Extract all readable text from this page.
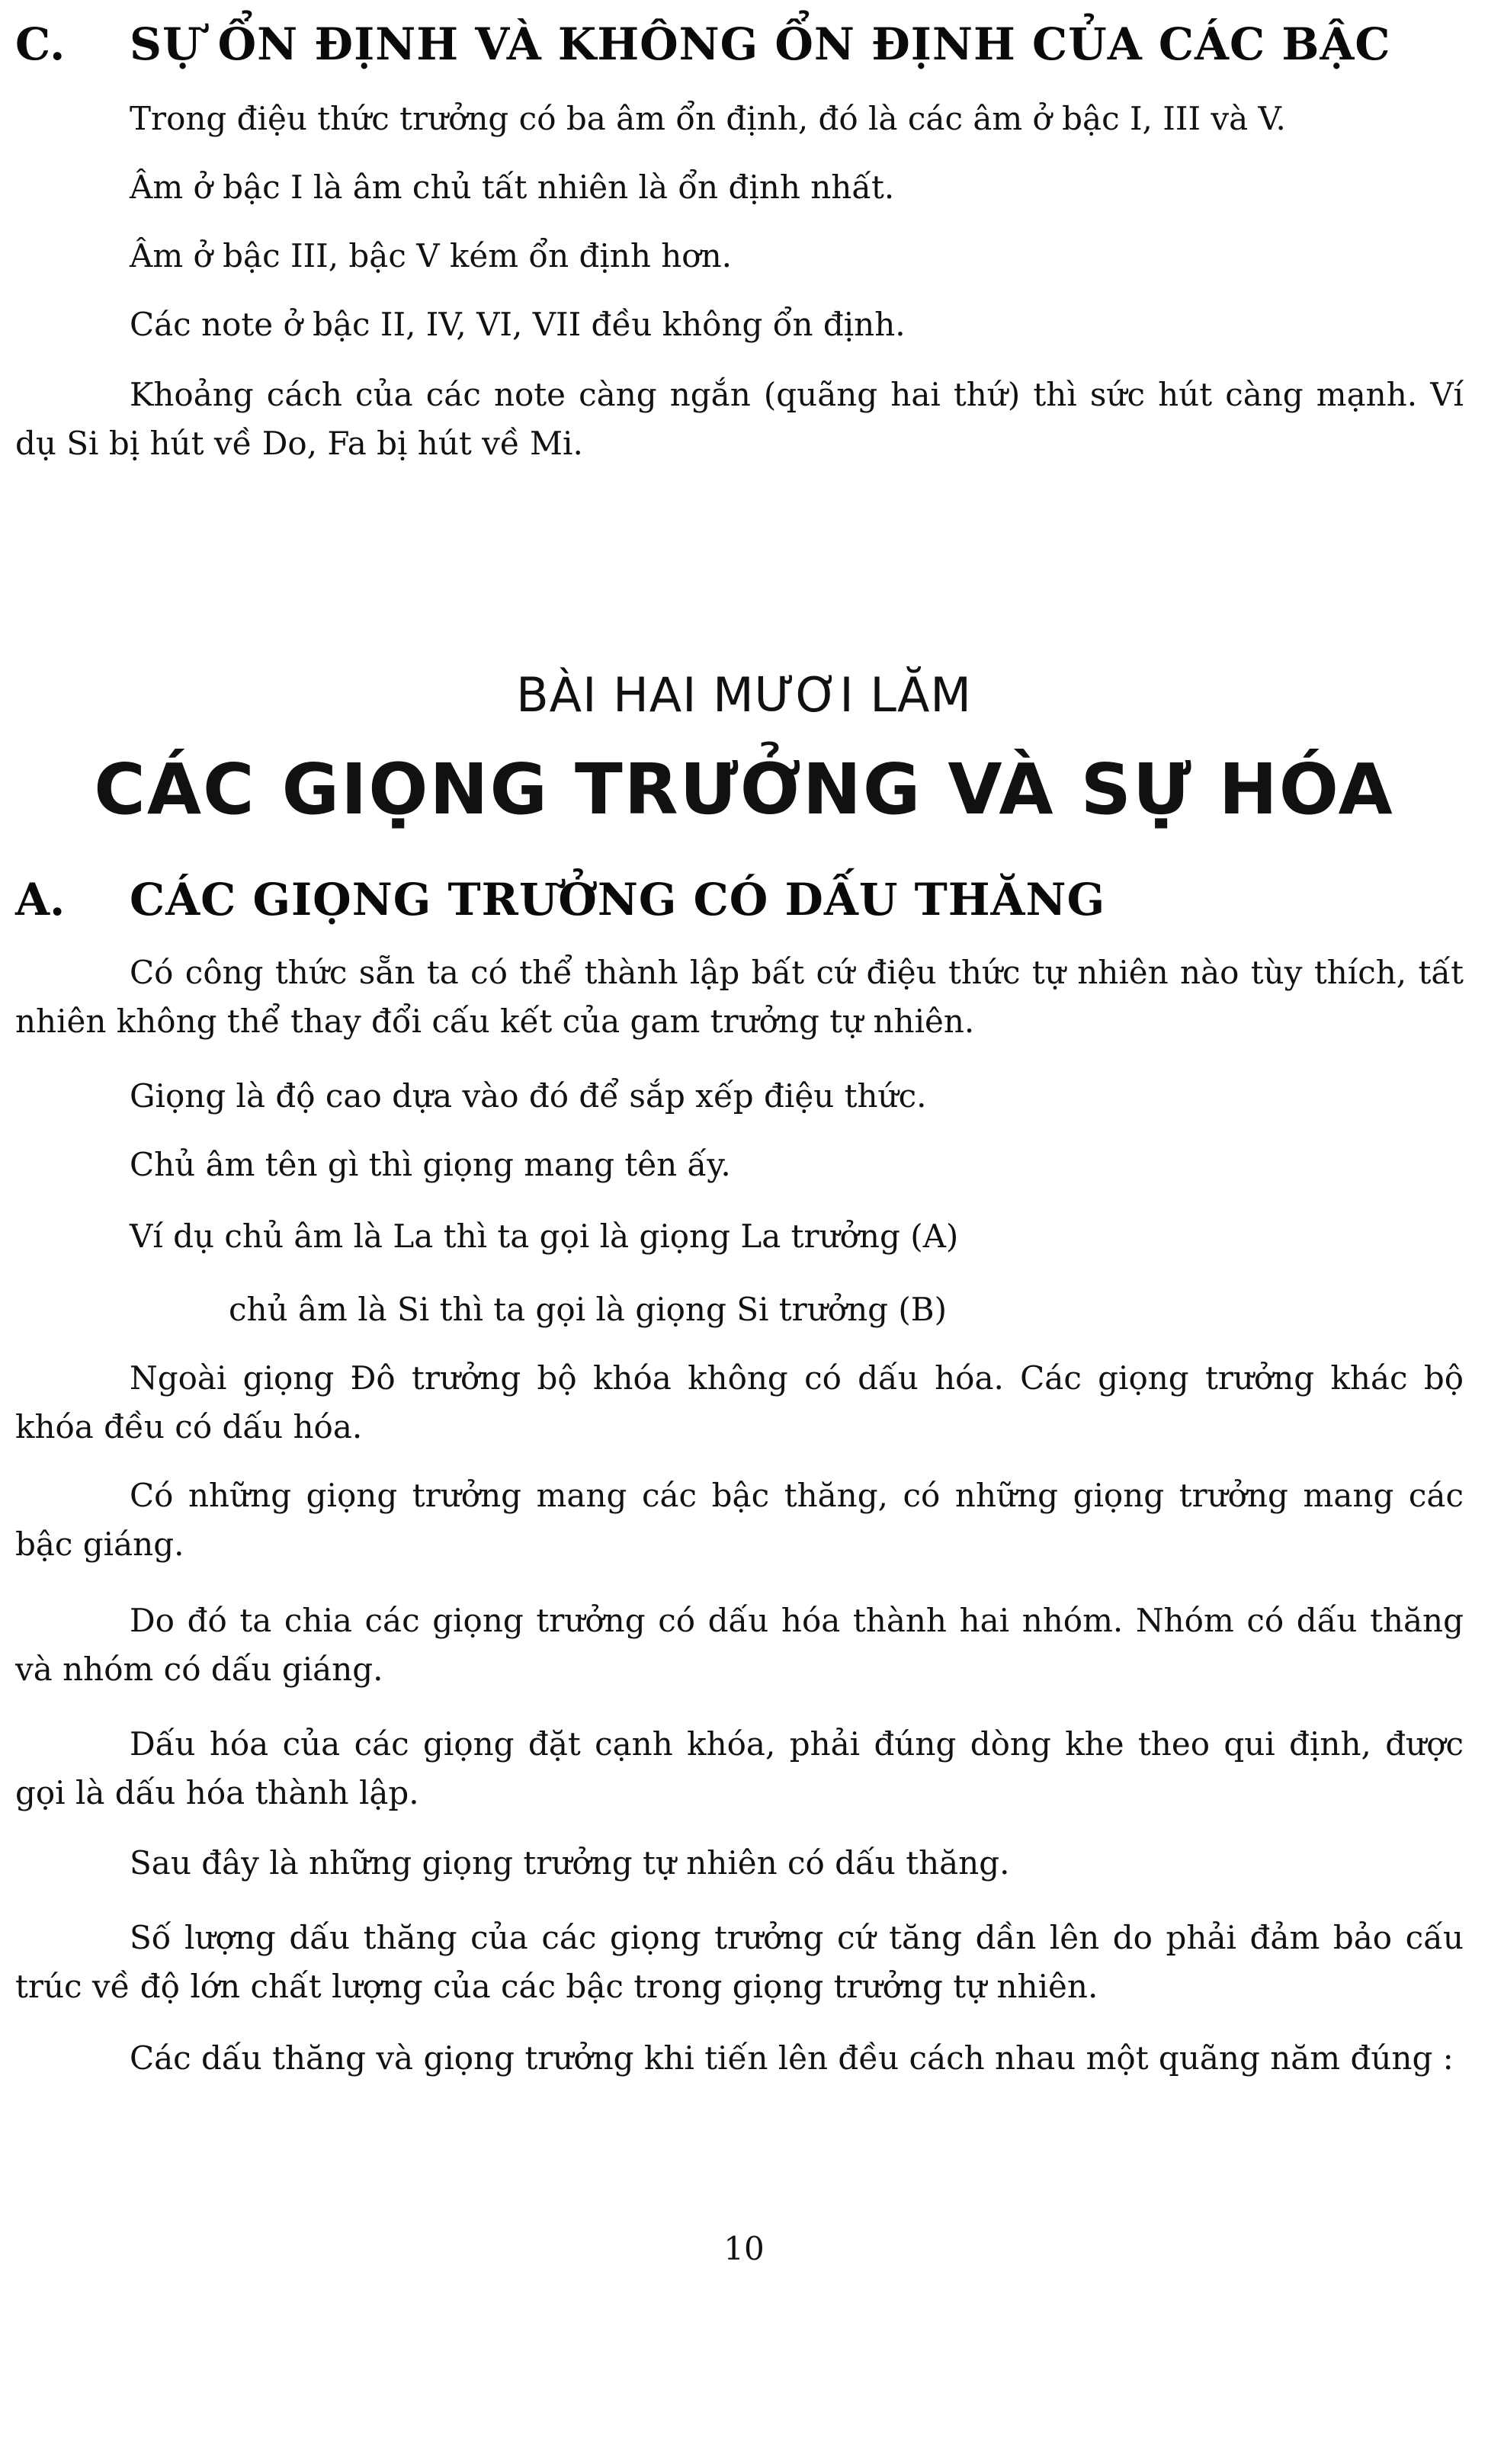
C. SỰ ỔN ĐỊNH VÀ KHÔNG ỔN ĐỊNH CỦA CÁC BẬC
Trong điệu thức trưởng có ba âm ổn định, đó là các âm ở bậc I, III và V.
Âm ở bậc I là âm chủ tất nhiên là ổn định nhất.
Âm ở bậc III, bậc V kém ổn định hơn.
Các note ở bậc II, IV, VI, VII đều không ổn định.

Khoảng cách của các note càng ngắn (quãng hai thứ) thì sức hút càng mạnh. Ví dụ Si bị hút về Do, Fa bị hút về Mi.

BÀI HAI MƯƠI LĂM
CÁC GIỌNG TRƯỞNG VÀ SỰ HÓA
A. CÁC GIỌNG TRƯỞNG CÓ DẤU THĂNG

Có công thức sẵn ta có thể thành lập bất cứ điệu thức tự nhiên nào tùy thích, tất nhiên không thể thay đổi cấu kết của gam trưởng tự nhiên.

Giọng là độ cao dựa vào đó để sắp xếp điệu thức.
Chủ âm tên gì thì giọng mang tên ấy.
Ví dụ chủ âm là La thì ta gọi là giọng La trưởng (A)
chủ âm là Si thì ta gọi là giọng Si trưởng (B)

Ngoài giọng Đô trưởng bộ khóa không có dấu hóa. Các giọng trưởng khác bộ khóa đều có dấu hóa.

Có những giọng trưởng mang các bậc thăng, có những giọng trưởng mang các bậc giáng.

Do đó ta chia các giọng trưởng có dấu hóa thành hai nhóm. Nhóm có dấu thăng và nhóm có dấu giáng.

Dấu hóa của các giọng đặt cạnh khóa, phải đúng dòng khe theo qui định, được gọi là dấu hóa thành lập.

Sau đây là những giọng trưởng tự nhiên có dấu thăng.

Số lượng dấu thăng của các giọng trưởng cứ tăng dần lên do phải đảm bảo cấu trúc về độ lớn chất lượng của các bậc trong giọng trưởng tự nhiên.

Các dấu thăng và giọng trưởng khi tiến lên đều cách nhau một quãng năm đúng :

10
